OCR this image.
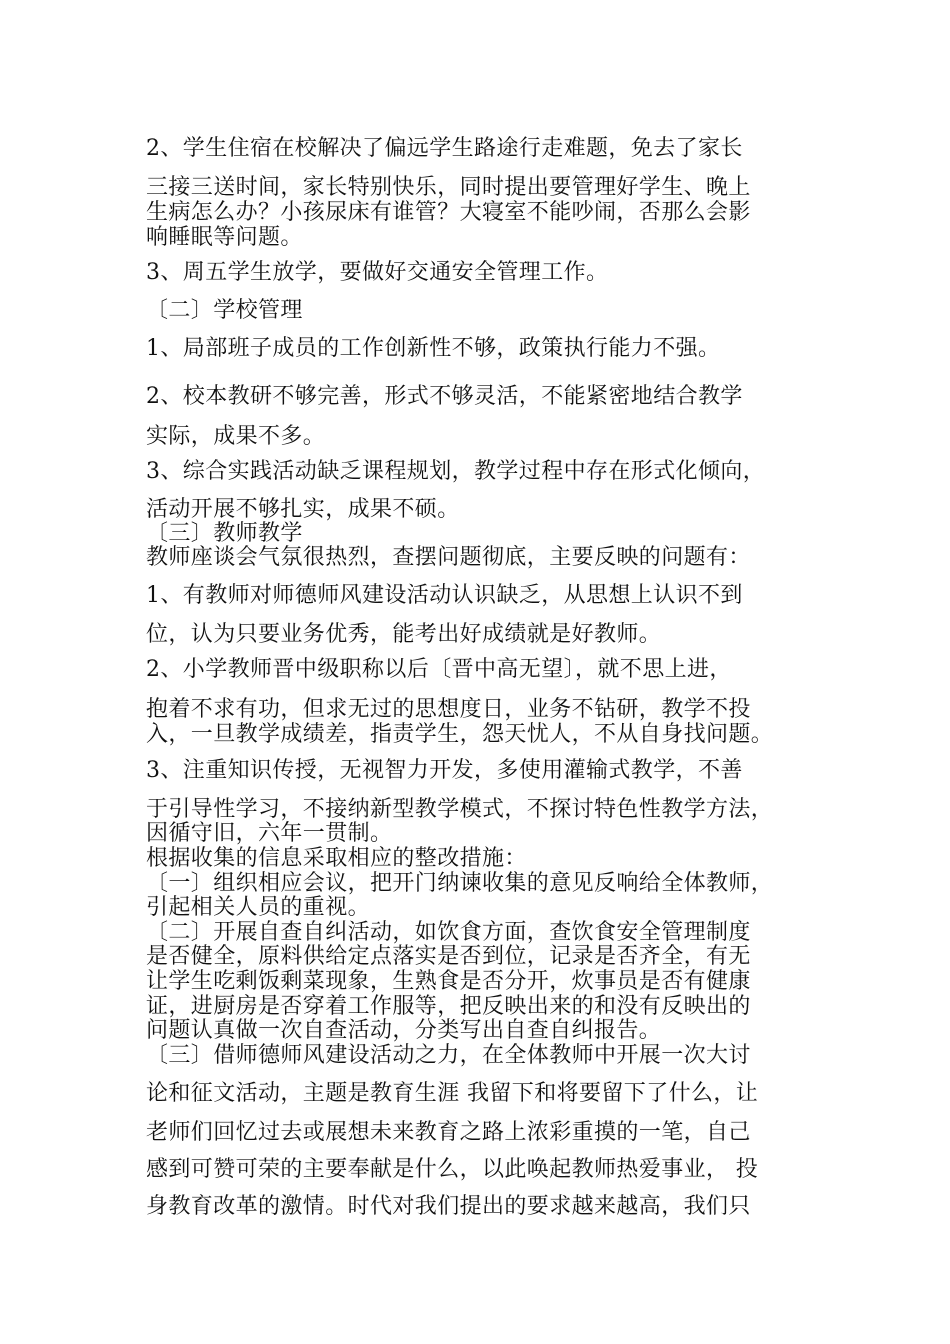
2、学生住宿在校解决了偏远学生路途行走难题，免去了家长
三接三送时间，家长特别快乐，同时提出要管理好学生、晚上
生病怎么办？小孩尿床有谁管？大寝室不能吵闹，否那么会影
响睡眠等问题。
3、周五学生放学，要做好交通安全管理工作。
〔二〕学校管理
1、局部班子成员的工作创新性不够，政策执行能力不强。
2、校本教研不够完善，形式不够灵活，不能紧密地结合教学
实际，成果不多。
3、综合实践活动缺乏课程规划，教学过程中存在形式化倾向，
活动开展不够扎实，成果不硕。
〔三〕教师教学
教师座谈会气氛很热烈，查摆问题彻底，主要反映的问题有：
1、有教师对师德师风建设活动认识缺乏，从思想上认识不到
位，认为只要业务优秀，能考出好成绩就是好教师。
2、小学教师晋中级职称以后〔晋中高无望〕，就不思上进，
抱着不求有功，但求无过的思想度日，业务不钻研，教学不投
入，一旦教学成绩差，指责学生，怨天忧人，不从自身找问题。
3、注重知识传授，无视智力开发，多使用灌输式教学，不善
于引导性学习，不接纳新型教学模式，不探讨特色性教学方法，
因循守旧，六年一贯制。
根据收集的信息采取相应的整改措施：
〔一〕组织相应会议，把开门纳谏收集的意见反响给全体教师，
引起相关人员的重视。
〔二〕开展自查自纠活动，如饮食方面，查饮食安全管理制度
是否健全，原料供给定点落实是否到位，记录是否齐全，有无
让学生吃剩饭剩菜现象，生熟食是否分开，炊事员是否有健康
证，进厨房是否穿着工作服等，把反映出来的和没有反映出的
问题认真做一次自查活动，分类写出自查自纠报告。
〔三〕借师德师风建设活动之力，在全体教师中开展一次大讨
论和征文活动，主题是教育生涯 我留下和将要留下了什么，让
老师们回忆过去或展想未来教育之路上浓彩重摸的一笔，自己
感到可赞可荣的主要奉献是什么，以此唤起教师热爱事业， 投
身教育改革的激情。时代对我们提出的要求越来越高，我们只
